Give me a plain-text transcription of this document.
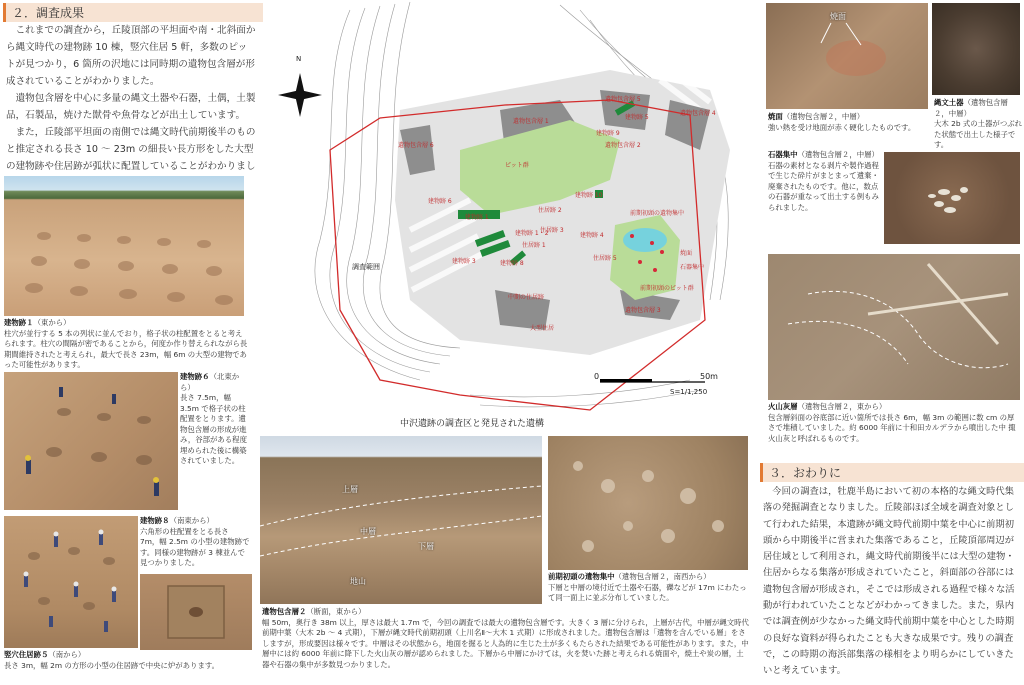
２．調査成果
これまでの調査から，丘陵頂部の平坦面や南・北斜面から縄文時代の建物跡 10 棟，竪穴住居 5 軒，多数のピットが見つかり，6 箇所の沢地には同時期の遺物包含層が形成されていることがわかりました。
遺物包含層を中心に多量の縄文土器や石器，土偶，土製品，石製品，焼けた獣骨や魚骨などが出土しています。
また，丘陵部平坦面の南側では縄文時代前期後半のものと推定される長さ 10 ～ 23m の細長い長方形をした大型の建物跡や住居跡が弧状に配置していることがわかりまし
建物跡１（東から）
柱穴が並行する 5 本の列状に並んでおり，格子状の柱配置をとると考えられます。柱穴の間隔が密であることから，何度か作り替えられながら長期間維持されたと考えられ，最大で長さ 23m，幅 6m の大型の建物であった可能性があります。
建物跡６（北東から）
長さ 7.5m，幅 3.5m で格子状の柱配置をとります。遺物包含層の形成が進み，谷部がある程度埋められた後に構築されていました。
建物跡８（南東から）
六角形の柱配置をとる長さ 7m，幅 2.5m の小型の建物跡です。同様の建物跡が 3 棟並んで見つかりました。
竪穴住居跡５（南から）
長さ 3m，幅 2m の方形の小型の住居跡で中央に炉があります。
N
0	50m
S=1/1,250
調査範囲
遺物包含層 1
遺物包含層 6
遺物包含層 5
遺物包含層 4
遺物包含層 3
ピット群
建物跡 10
建物跡 5
建物跡 9
建物跡 1
建物跡 1・2	建物跡 4
住居跡 1
住居跡 2
住居跡 3
住居跡 5
建物跡 3	建物跡 8
建物跡 6
中期の住居跡
前期初頭の遺物集中
遺物包含層 2
焼面
石器集中
前期初頭のピット群
大型住居
中沢遺跡の調査区と発見された遺構
上層
中層
下層
地山
遺物包含層２（断面，東から）
幅 50m，奥行き 38m 以上，厚さは最大 1.7m で，今回の調査では最大の遺物包含層です。大きく 3 層に分けられ，上層が古代，中層が縄文時代前期中葉（大木 2b ～ 4 式期），下層が縄文時代前期初頭（上川名Ⅱ～大木 1 式期）に形成されました。遺物包含層は「遺物を含んでいる層」をさしますが，形成要因は様々です。中層はその状態から，地面を掘ると人為的に生じた土が多くもたらされた結果である可能性があります。また，中層中には約 6000 年前に降下した火山灰の層が認められました。下層から中層にかけては，火を焚いた跡と考えられる焼面や，焼土や炭の層，土器や石器の集中が多数見つかりました。
前期初頭の遺物集中（遺物包含層２，南西から）
下層と中層の境付近で土器や石器，礫などが 17m にわたって同一面上に並ぶ分布していました。
焼面
焼面（遺物包含層２，中層）
強い熱を受け地面が赤く硬化したものです。
縄文土器（遺物包含層２，中層）
大木 2b 式の土器がつぶれた状態で出土した様子です。
石器集中（遺物包含層２，中層）
石器の素材となる剥片や製作過程で生じた砕片がまとまって遺棄・廃棄されたものです。他に，数点の石器が重なって出土する例もみられました。
火山灰層（遺物包含層２，東から）
包含層斜面の谷底部に近い箇所では長さ 6m，幅 3m の範囲に数 cm の厚さで堆積していました。約 6000 年前に十和田カルデラから噴出した中 掫火山灰と呼ばれるものです。
３．おわりに
今回の調査は，牡鹿半島において初の本格的な縄文時代集落の発掘調査となりました。丘陵部ほぼ全域を調査対象として行われた結果，本遺跡が縄文時代前期中葉を中心に前期初頭から中期後半に営まれた集落であること，丘陵頂部周辺が居住域として利用され，縄文時代前期後半には大型の建物・住居からなる集落が形成されていたこと，斜面部の谷部には遺物包含層が形成され，そこでは形成される過程で様々な活動が行われていたことなどがわかってきました。また，県内では調査例が少なかった縄文時代前期中葉を中心とした時期の良好な資料が得られたことも大きな成果です。残りの調査で，この時期の海浜部集落の様相をより明らかにしていきたいと考えています。
